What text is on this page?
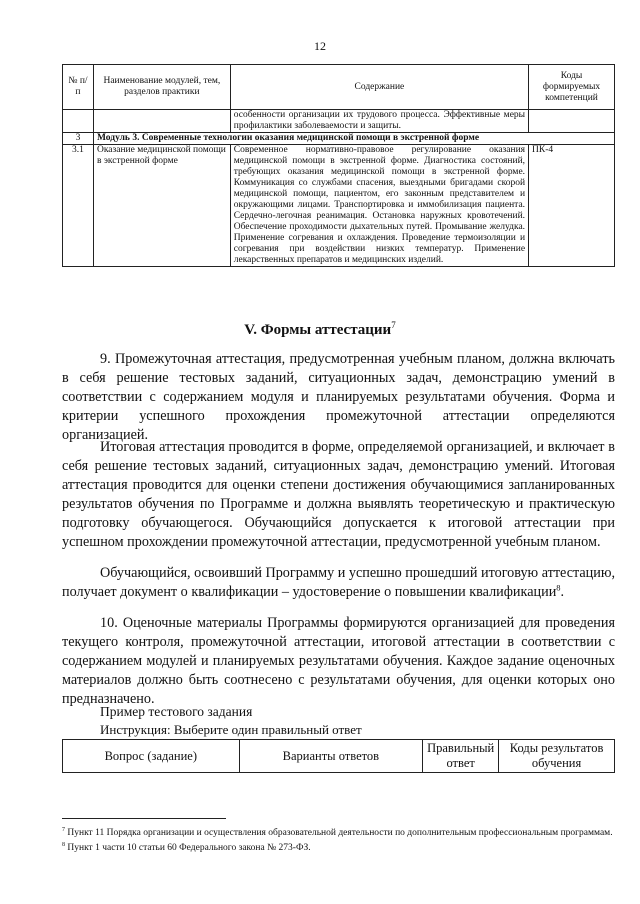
12
№ п/п	Наименование модулей, тем, разделов практики	Содержание	Коды формируемых компетенций
		особенности организации их трудового процесса. Эффективные меры профилактики заболеваемости и защиты.	
3	Модуль 3. Современные технологии оказания медицинской помощи в экстренной форме		
3.1	Оказание медицинской помощи в экстренной форме	Современное нормативно-правовое регулирование оказания медицинской помощи в экстренной форме. Диагностика состояний, требующих оказания медицинской помощи в экстренной форме. Коммуникация со службами спасения, выездными бригадами скорой медицинской помощи, пациентом, его законным представителем и окружающими лицами. Транспортировка и иммобилизация пациента. Сердечно-легочная реанимация. Остановка наружных кровотечений. Обеспечение проходимости дыхательных путей. Промывание желудка. Применение согревания и охлаждения. Проведение термоизоляции и согревания при воздействии низких температур. Применение лекарственных препаратов и медицинских изделий.	ПК-4
V. Формы аттестации$^7$

9. Промежуточная аттестация, предусмотренная учебным планом, должна включать в себя решение тестовых заданий, ситуационных задач, демонстрацию умений в соответствии с содержанием модуля и планируемых результатами обучения. Форма и критерии успешного прохождения промежуточной аттестации определяются организацией.

Итоговая аттестация проводится в форме, определяемой организацией, и включает в себя решение тестовых заданий, ситуационных задач, демонстрацию умений. Итоговая аттестация проводится для оценки степени достижения обучающимися запланированных результатов обучения по Программе и должна выявлять теоретическую и практическую подготовку обучающегося. Обучающийся допускается к итоговой аттестации при успешном прохождении промежуточной аттестации, предусмотренной учебным планом.

Обучающийся, освоивший Программу и успешно прошедший итоговую аттестацию, получает документ о квалификации – удостоверение о повышении квалификации$^8$.

10. Оценочные материалы Программы формируются организацией для проведения текущего контроля, промежуточной аттестации, итоговой аттестации в соответствии с содержанием модулей и планируемых результатами обучения. Каждое задание оценочных материалов должно быть соотнесено с результатами обучения, для оценки которых оно предназначено.

Пример тестового задания
Инструкция: Выберите один правильный ответ
Вопрос (задание)	Варианты ответов	Правильный ответ	Коды результатов обучения

$^7$ Пункт 11 Порядка организации и осуществления образовательной деятельности по дополнительным профессиональным программам.

$^8$ Пункт 1 части 10 статьи 60 Федерального закона № 273-ФЗ.
